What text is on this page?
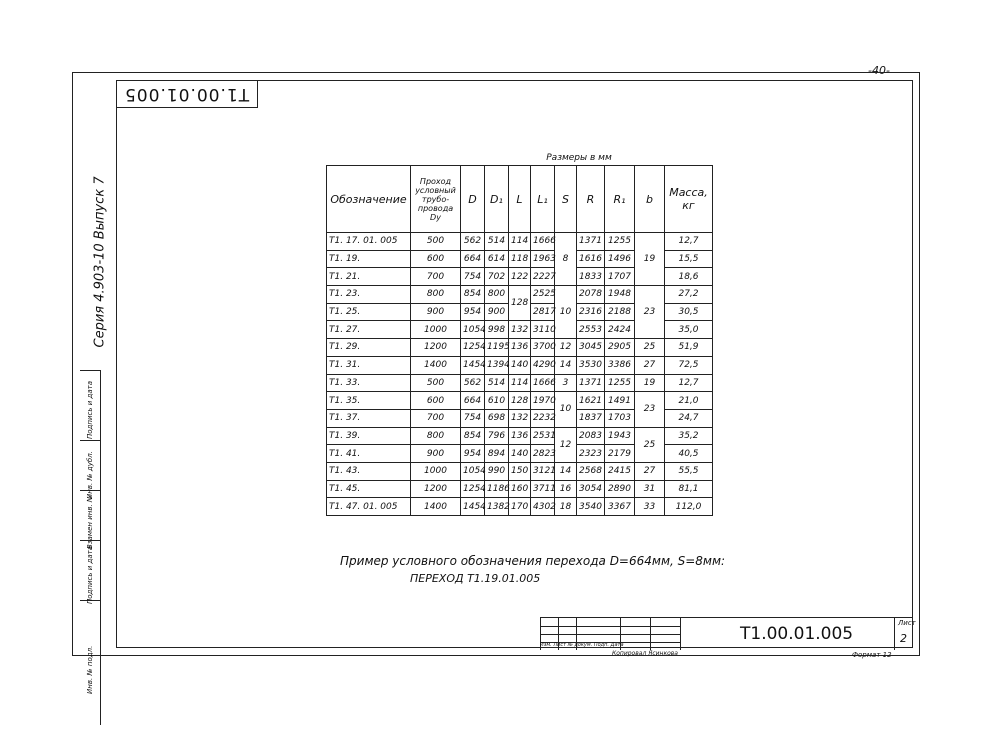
-40-
T1.00.01.005
Серия 4.903-10 Выпуск 7
Подпись и дата
Инв. № дубл.
Взамен инв. №
Подпись и дата
Инв. № подл.
Размеры в мм
Обозначение	Проход условный трубо-провода Dy	D	D₁	L	L₁	S	R	R₁	b	Масса, кг
Т1. 17. 01. 005	500	562	514	114	1666	8	1371	1255	19	12,7
Т1. 19.	600	664	614	118	1963		1616	1496		15,5
Т1. 21.	700	754	702	122	2227		1833	1707		18,6
Т1. 23.	800	854	800	128	2525	10	2078	1948	23	27,2
Т1. 25.	900	954	900		2817		2316	2188		30,5
Т1. 27.	1000	1054	998	132	3110		2553	2424		35,0
Т1. 29.	1200	1254	1195	136	3700	12	3045	2905	25	51,9
Т1. 31.	1400	1454	1394	140	4290	14	3530	3386	27	72,5
Т1. 33.	500	562	514	114	1666	3	1371	1255	19	12,7
Т1. 35.	600	664	610	128	1970	10	1621	1491	23	21,0
Т1. 37.	700	754	698	132	2232		1837	1703		24,7
Т1. 39.	800	854	796	136	2531	12	2083	1943	25	35,2
Т1. 41.	900	954	894	140	2823		2323	2179		40,5
Т1. 43.	1000	1054	990	150	3121	14	2568	2415	27	55,5
Т1. 45.	1200	1254	1186	160	3711	16	3054	2890	31	81,1
Т1. 47. 01. 005	1400	1454	1382	170	4302	18	3540	3367	33	112,0
Пример условного обозначения перехода D=664мм, S=8мм:
ПЕРЕХОД Т1.19.01.005
Изм. Лист № докум. Подп. Дата
Т1.00.01.005
Лист
2
Копировал Ясинкова	Формат 12
